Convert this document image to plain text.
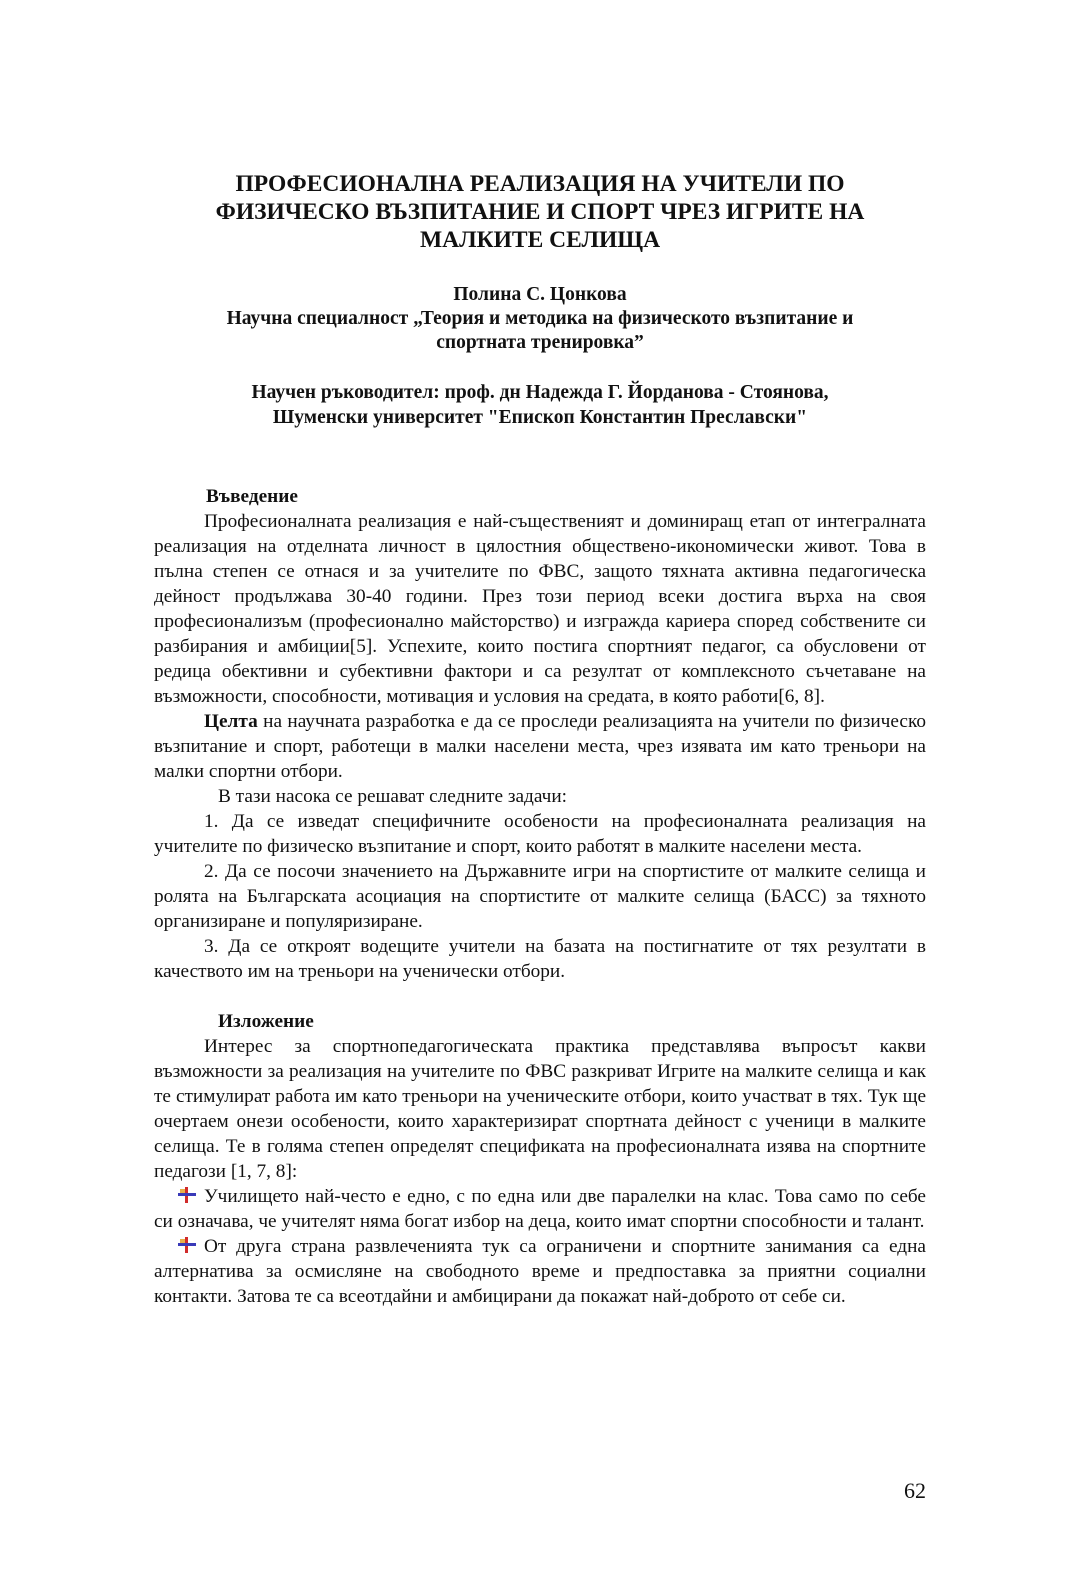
ПРОФЕСИОНАЛНА РЕАЛИЗАЦИЯ НА УЧИТЕЛИ ПО
ФИЗИЧЕСКО ВЪЗПИТАНИЕ И СПОРТ ЧРЕЗ ИГРИТЕ НА
МАЛКИТЕ СЕЛИЩА
Полина С. Цонкова
Научна специалност „Теория и методика на физическото възпитание и
спортната тренировка”
Научен ръководител: проф. дн Надежда Г. Йорданова - Стоянова,
Шуменски университет "Епископ Константин Преславски"

Въведение

Професионалната реализация е най-същественият и доминиращ етап от интегралната реализация на отделната личност в цялостния обществено-икономически живот. Това в пълна степен се отнася и за учителите по ФВС, защото тяхната активна педагогическа дейност продължава 30-40 години. През този период всеки достига върха на своя професионализъм (професионално майсторство) и изгражда кариера според собствените си разбирания и амбиции[5]. Успехите, които постига спортният педагог, са обусловени от редица обективни и субективни фактори и са резултат от комплексното съчетаване на възможности, способности, мотивация и условия на средата, в която работи[6, 8].

Целта на научната разработка е да се проследи реализацията на учители по физическо възпитание и спорт, работещи в малки населени места, чрез изявата им като треньори на малки спортни отбори.

В тази насока се решават следните задачи:

1. Да се изведат специфичните особености на професионалната реализация на учителите по физическо възпитание и спорт, които работят в малките населени места.

2. Да се посочи значението на Държавните игри на спортистите от малките селища и ролята на Българската асоциация на спортистите от малките селища (БАСС) за тяхното организиране и популяризиране.

3. Да се откроят водещите учители на базата на постигнатите от тях резултати в качеството им на треньори на ученически отбори.

Изложение

Интерес за спортнопедагогическата практика представлява въпросът какви възможности за реализация на учителите по ФВС разкриват Игрите на малките селища и как те стимулират работа им като треньори на ученическите отбори, които участват в тях. Тук ще очертаем онези особености, които характеризират спортната дейност с ученици в малките селища. Те в голяма степен определят спецификата на професионалната изява на спортните педагози [1, 7, 8]:

Училището най-често е едно, с по една или две паралелки на клас. Това само по себе си означава, че учителят няма богат избор на деца, които имат спортни способности и талант.

От друга страна развлеченията тук са ограничени и спортните занимания са една алтернатива за осмисляне на свободното време и предпоставка за приятни социални контакти. Затова те са всеотдайни и амбицирани да покажат най-доброто от себе си.

62
